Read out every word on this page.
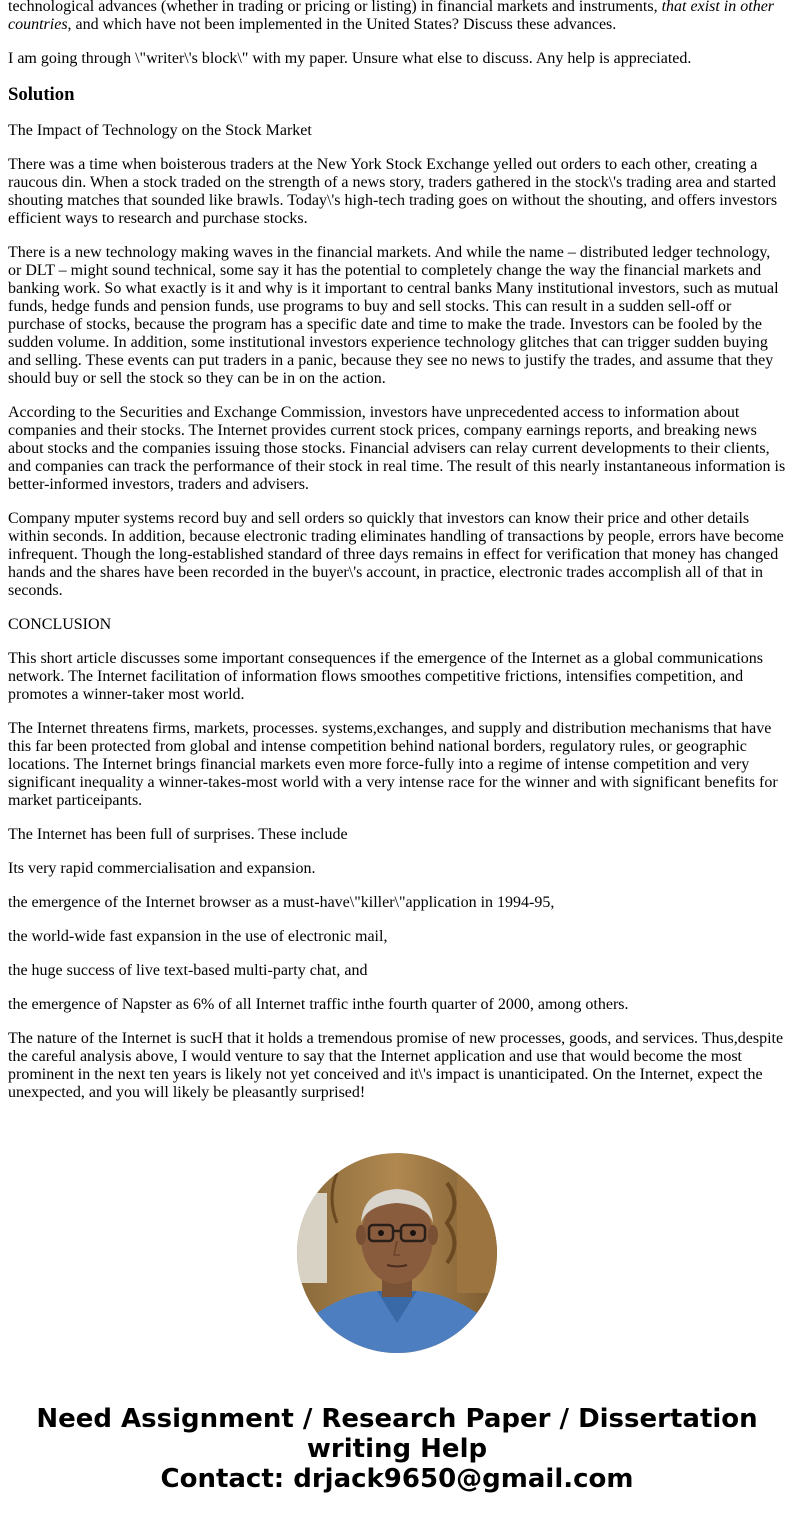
technological advances (whether in trading or pricing or listing) in financial markets and instruments, that exist in other countries, and which have not been implemented in the United States? Discuss these advances.

I am going through \"writer\'s block\" with my paper. Unsure what else to discuss. Any help is appreciated.

Solution

The Impact of Technology on the Stock Market

There was a time when boisterous traders at the New York Stock Exchange yelled out orders to each other, creating a raucous din. When a stock traded on the strength of a news story, traders gathered in the stock\'s trading area and started shouting matches that sounded like brawls. Today\'s high-tech trading goes on without the shouting, and offers investors efficient ways to research and purchase stocks.

There is a new technology making waves in the financial markets. And while the name – distributed ledger technology, or DLT – might sound technical, some say it has the potential to completely change the way the financial markets and banking work. So what exactly is it and why is it important to central banks Many institutional investors, such as mutual funds, hedge funds and pension funds, use programs to buy and sell stocks. This can result in a sudden sell-off or purchase of stocks, because the program has a specific date and time to make the trade. Investors can be fooled by the sudden volume. In addition, some institutional investors experience technology glitches that can trigger sudden buying and selling. These events can put traders in a panic, because they see no news to justify the trades, and assume that they should buy or sell the stock so they can be in on the action.

According to the Securities and Exchange Commission, investors have unprecedented access to information about companies and their stocks. The Internet provides current stock prices, company earnings reports, and breaking news about stocks and the companies issuing those stocks. Financial advisers can relay current developments to their clients, and companies can track the performance of their stock in real time. The result of this nearly instantaneous information is better-informed investors, traders and advisers.

Company mputer systems record buy and sell orders so quickly that investors can know their price and other details within seconds. In addition, because electronic trading eliminates handling of transactions by people, errors have become infrequent. Though the long-established standard of three days remains in effect for verification that money has changed hands and the shares have been recorded in the buyer\'s account, in practice, electronic trades accomplish all of that in seconds.

CONCLUSION

This short article discusses some important consequences if the emergence of the Internet as a global communications network. The Internet facilitation of information flows smoothes competitive frictions, intensifies competition, and promotes a winner-taker most world.

The Internet threatens firms, markets, processes. systems,exchanges, and supply and distribution mechanisms that have this far been protected from global and intense competition behind national borders, regulatory rules, or geographic locations. The Internet brings financial markets even more force-fully into a regime of intense competition and very significant inequality a winner-takes-most world with a very intense race for the winner and with significant benefits for market particeipants.

The Internet has been full of surprises. These include

Its very rapid commercialisation and expansion.

the emergence of the Internet browser as a must-have\"killer\"application in 1994-95,

the world-wide fast expansion in the use of electronic mail,

the huge success of live text-based multi-party chat, and

the emergence of Napster as 6% of all Internet traffic inthe fourth quarter of 2000, among others.

The nature of the Internet is sucH that it holds a tremendous promise of new processes, goods, and services. Thus,despite the careful analysis above, I would venture to say that the Internet application and use that would become the most prominent in the next ten years is likely not yet conceived and it\'s impact is unanticipated. On the Internet, expect the unexpected, and you will likely be pleasantly surprised!

Need Assignment / Research Paper / Dissertation writing Help
Contact: drjack9650@gmail.com
